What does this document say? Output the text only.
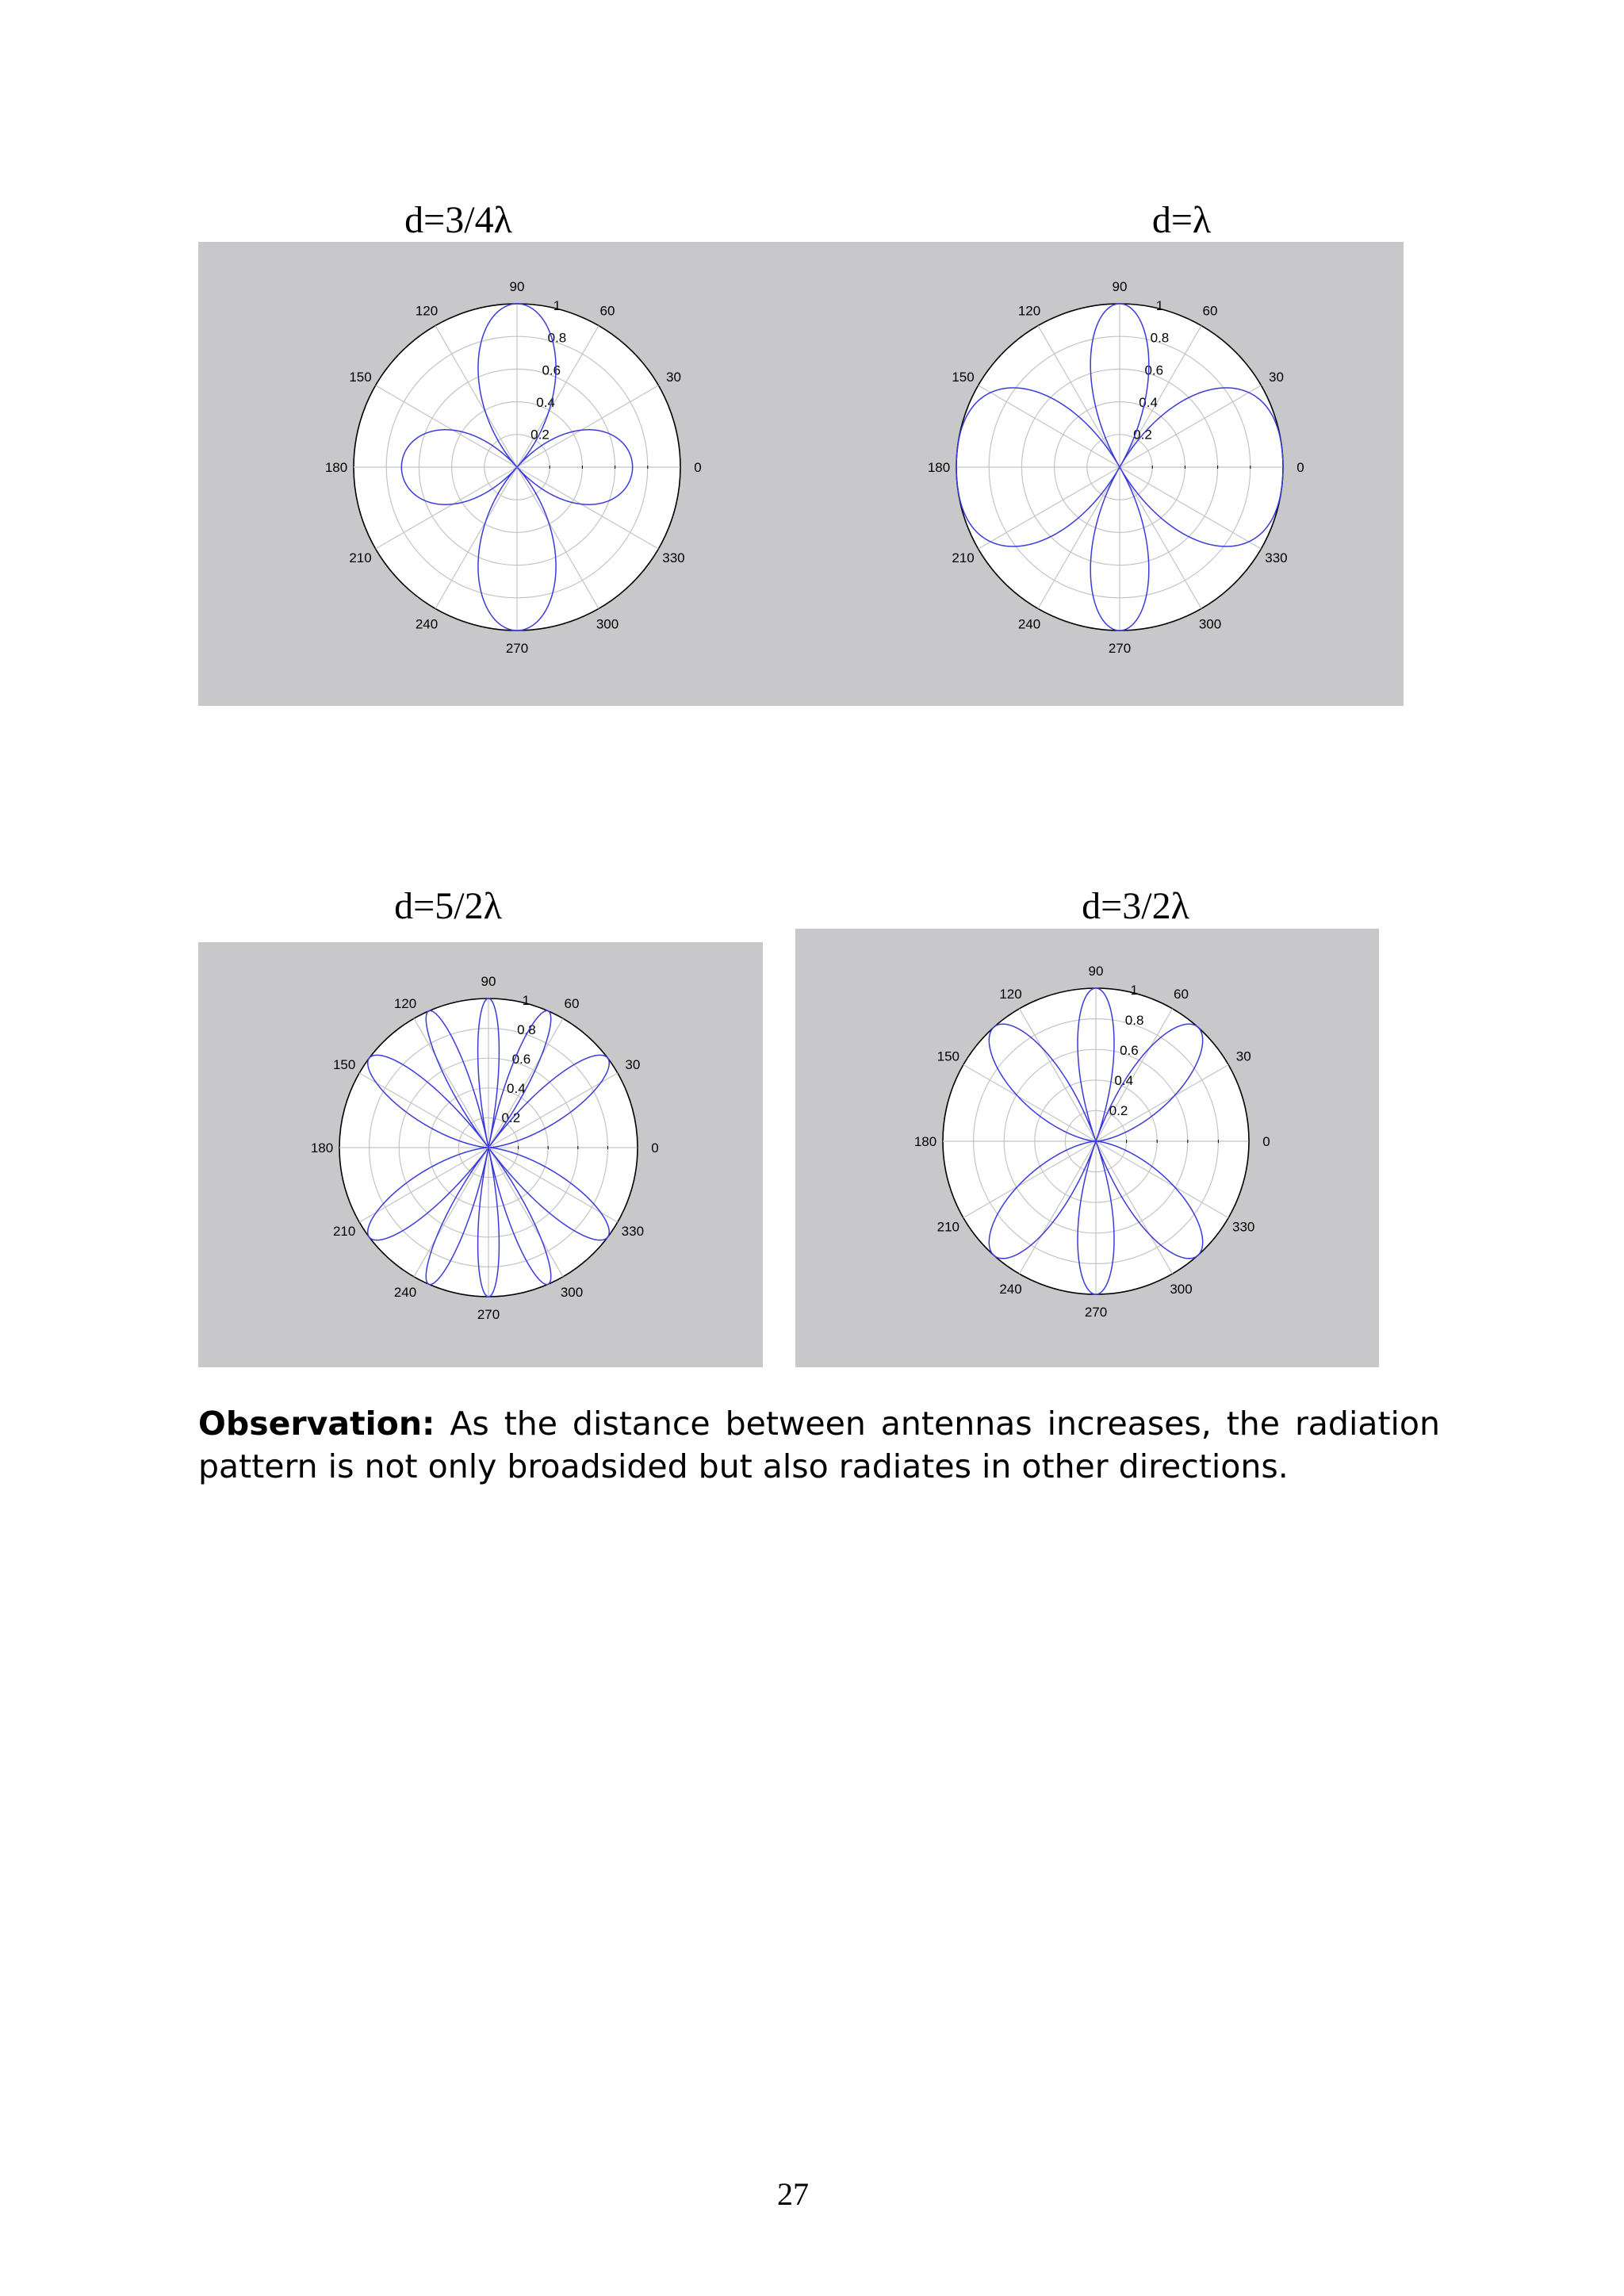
d=3/4λ	d=λ
d=5/2λ	d=3/2λ
0
30
60
90
120
150
180
210
240
270
300
330
0.2
0.4
0.6
0.8
1
0
30
60
90
120
150
180
210
240
270
300
330
0.2
0.4
0.6
0.8
1
0
30
60
90
120
150
180
210
240
270
300
330
0.2
0.4
0.6
0.8
1
0
30
60
90
120
150
180
210
240
270
300
330
0.2
0.4
0.6
0.8
1
Observation: As the distance between antennas increases, the radiation pattern is not only broadsided but also radiates in other directions.
27
